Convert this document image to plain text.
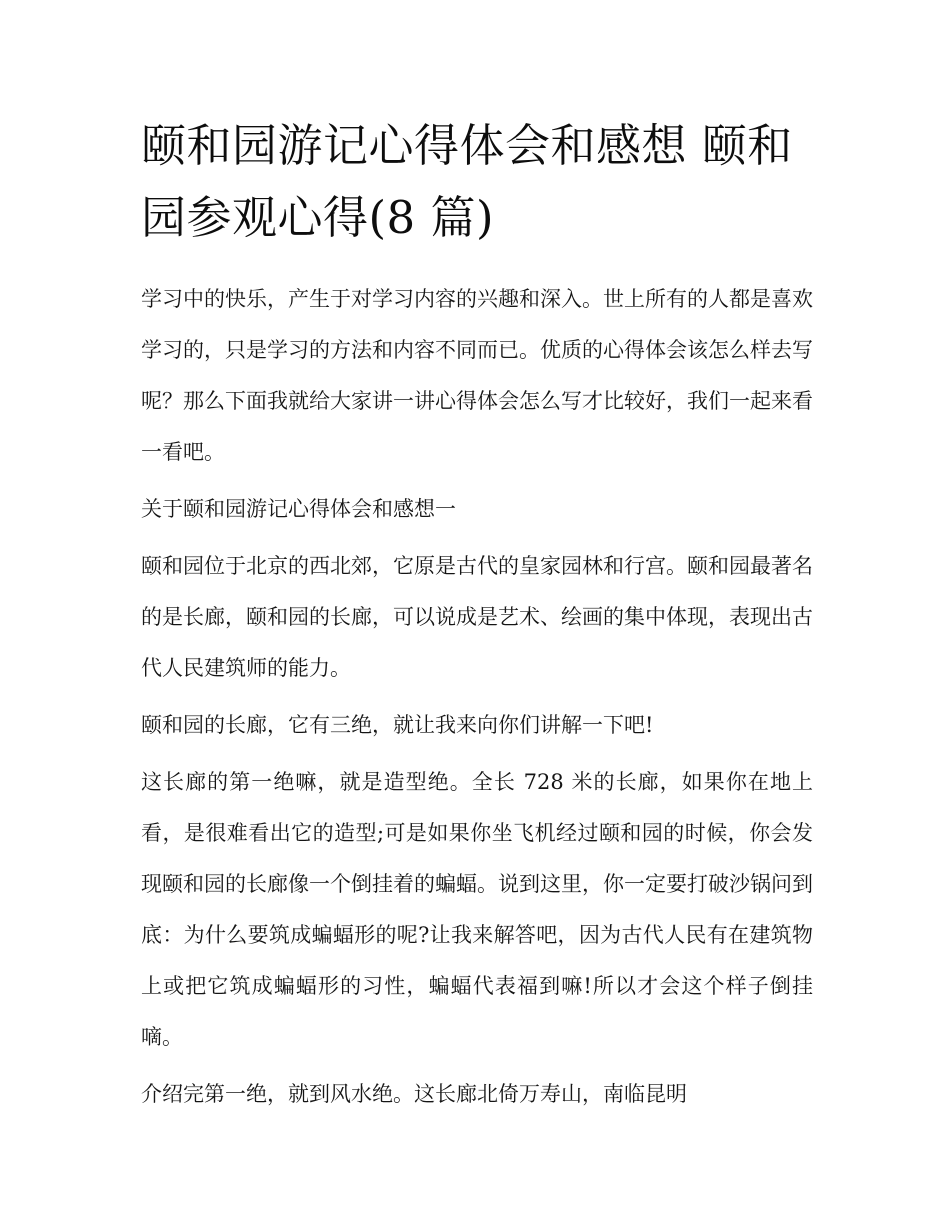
颐和园游记心得体会和感想 颐和园参观心得(8 篇)

学习中的快乐，产生于对学习内容的兴趣和深入。世上所有的人都是喜欢学习的，只是学习的方法和内容不同而已。优质的心得体会该怎么样去写呢？那么下面我就给大家讲一讲心得体会怎么写才比较好，我们一起来看一看吧。

关于颐和园游记心得体会和感想一

颐和园位于北京的西北郊，它原是古代的皇家园林和行宫。颐和园最著名的是长廊，颐和园的长廊，可以说成是艺术、绘画的集中体现，表现出古代人民建筑师的能力。

颐和园的长廊，它有三绝，就让我来向你们讲解一下吧!

这长廊的第一绝嘛，就是造型绝。全长 728 米的长廊，如果你在地上看，是很难看出它的造型;可是如果你坐飞机经过颐和园的时候，你会发现颐和园的长廊像一个倒挂着的蝙蝠。说到这里，你一定要打破沙锅问到底：为什么要筑成蝙蝠形的呢?让我来解答吧，因为古代人民有在建筑物上或把它筑成蝙蝠形的习性，蝙蝠代表福到嘛!所以才会这个样子倒挂嘀。

介绍完第一绝，就到风水绝。这长廊北倚万寿山，南临昆明
